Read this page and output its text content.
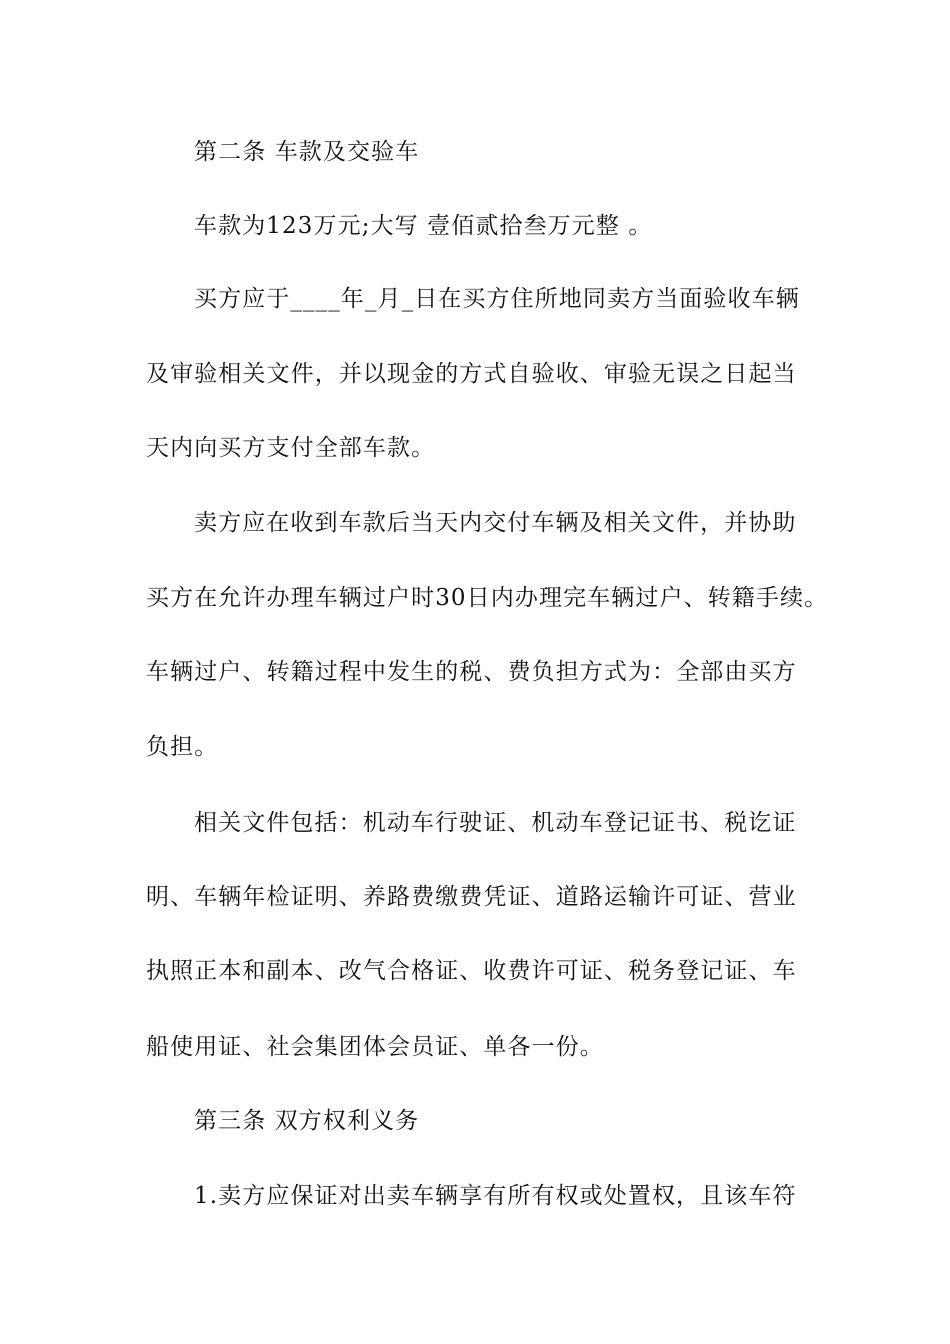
第二条 车款及交验车
车款为123万元;大写 壹佰贰拾叁万元整 。
买方应于____年_月_日在买方住所地同卖方当面验收车辆
及审验相关文件，并以现金的方式自验收、审验无误之日起当
天内向买方支付全部车款。
卖方应在收到车款后当天内交付车辆及相关文件，并协助
买方在允许办理车辆过户时30日内办理完车辆过户、转籍手续。
车辆过户、转籍过程中发生的税、费负担方式为：全部由买方
负担。
相关文件包括：机动车行驶证、机动车登记证书、税讫证
明、车辆年检证明、养路费缴费凭证、道路运输许可证、营业
执照正本和副本、改气合格证、收费许可证、税务登记证、车
船使用证、社会集团体会员证、单各一份。
第三条 双方权利义务
1.卖方应保证对出卖车辆享有所有权或处置权，且该车符
